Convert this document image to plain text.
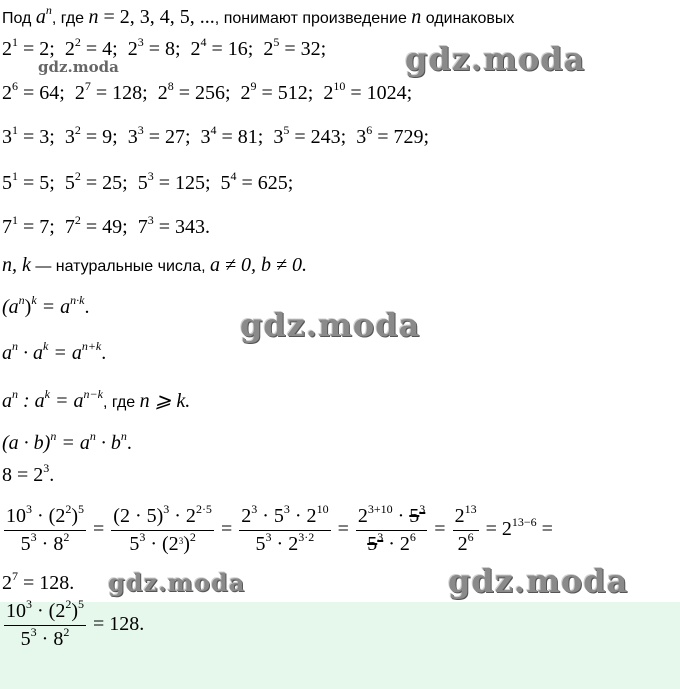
Под $a^n$, где n = 2, 3, 4, 5, ..., понимают произведение n одинаковых
$2^1 = 2$;  $2^2 = 4$;  $2^3 = 8$;  $2^4 = 16$;  $2^5 = 32$;
$2^6 = 64$;  $2^7 = 128$;  $2^8 = 256$;  $2^9 = 512$;  $2^{10} = 1024$;
$3^1 = 3$;  $3^2 = 9$;  $3^3 = 27$;  $3^4 = 81$;  $3^5 = 243$;  $3^6 = 729$;
$5^1 = 5$;  $5^2 = 25$;  $5^3 = 125$;  $5^4 = 625$;
$7^1 = 7$;  $7^2 = 49$;  $7^3 = 343$.
n, k — натуральные числа, a ≠ 0, b ≠ 0.
$(a^n)^k = a^{n\cdot k}$.
$a^n \cdot a^k = a^{n+k}$.
$a^n$ : $a^k = a^{n-k}$, где n ⩾ k.
$(a \cdot b)^n = a^n \cdot b^n$.
$8 = 2^3$.
$\frac{10^3 \cdot (2^2)^5}{5^3 \cdot 8^2} = \frac{(2 \cdot 5)^3 \cdot 2^{2\cdot 5}}{5^3 \cdot (2^3)^2} = \frac{2^3 \cdot 5^3 \cdot 2^{10}}{5^3 \cdot 2^{3\cdot 2}} = \frac{2^{3+10} \cdot 5^3}{5^3 \cdot 2^6} = \frac{2^{13}}{2^6} = 2^{13-6}$ =
$2^7 = 128$.
$\frac{10^3 \cdot (2^2)^5}{5^3 \cdot 8^2} = 128$.
gdz.moda	gdz.moda
gdz.moda
gdz.moda	gdz.moda
